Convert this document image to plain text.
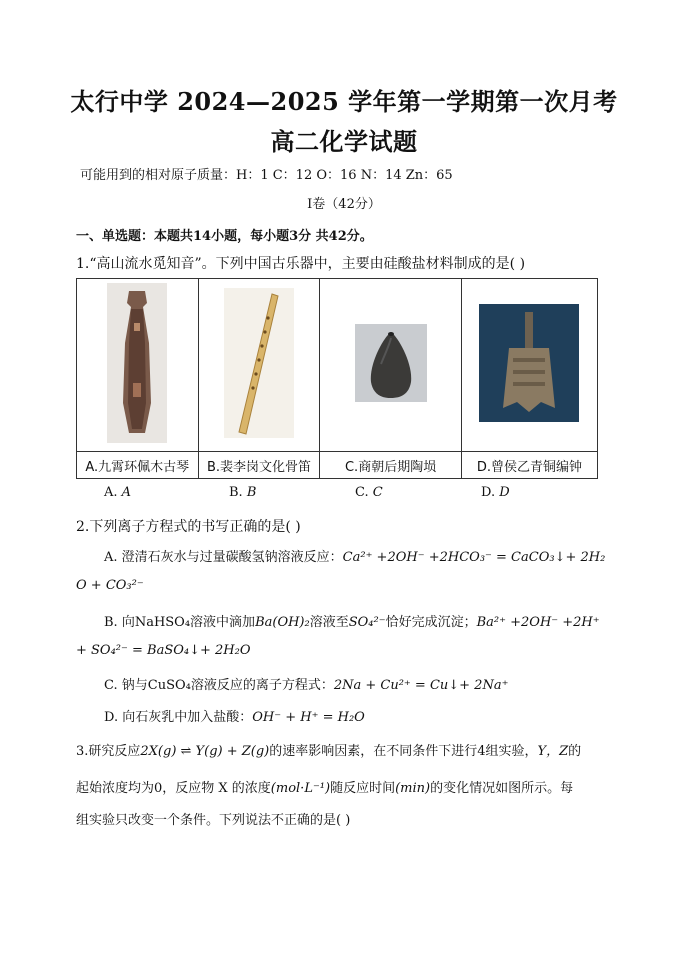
太行中学 2024—2025 学年第一学期第一次月考
高二化学试题
可能用到的相对原子质量：H：1 C：12 O：16 N：14 Zn：65
Ⅰ卷（42分）
一、单选题：本题共14小题，每小题3分 共42分。
1.“高山流水觅知音”。下列中国古乐器中，主要由硅酸盐材料制成的是( )

A.九霄环佩木古琴	B.裴李岗文化骨笛	C.商朝后期陶埙	D.曾侯乙青铜编钟
A. A	B. B	C. C	D. D
2.下列离子方程式的书写正确的是( )
A. 澄清石灰水与过量碳酸氢钠溶液反应：Ca²⁺ +2OH⁻ +2HCO₃⁻ = CaCO₃↓+ 2H₂
O + CO₃²⁻
B. 向NaHSO₄溶液中滴加Ba(OH)₂溶液至SO₄²⁻恰好完成沉淀；Ba²⁺ +2OH⁻ +2H⁺
+ SO₄²⁻ = BaSO₄↓+ 2H₂O
C. 钠与CuSO₄溶液反应的离子方程式：2Na + Cu²⁺ = Cu↓+ 2Na⁺
D. 向石灰乳中加入盐酸：OH⁻ + H⁺ = H₂O
3.研究反应2X(g) ⇌ Y(g) + Z(g)的速率影响因素，在不同条件下进行4组实验，Y，Z的
起始浓度均为0，反应物 X 的浓度(mol·L⁻¹)随反应时间(min)的变化情况如图所示。每
组实验只改变一个条件。下列说法不正确的是( )
